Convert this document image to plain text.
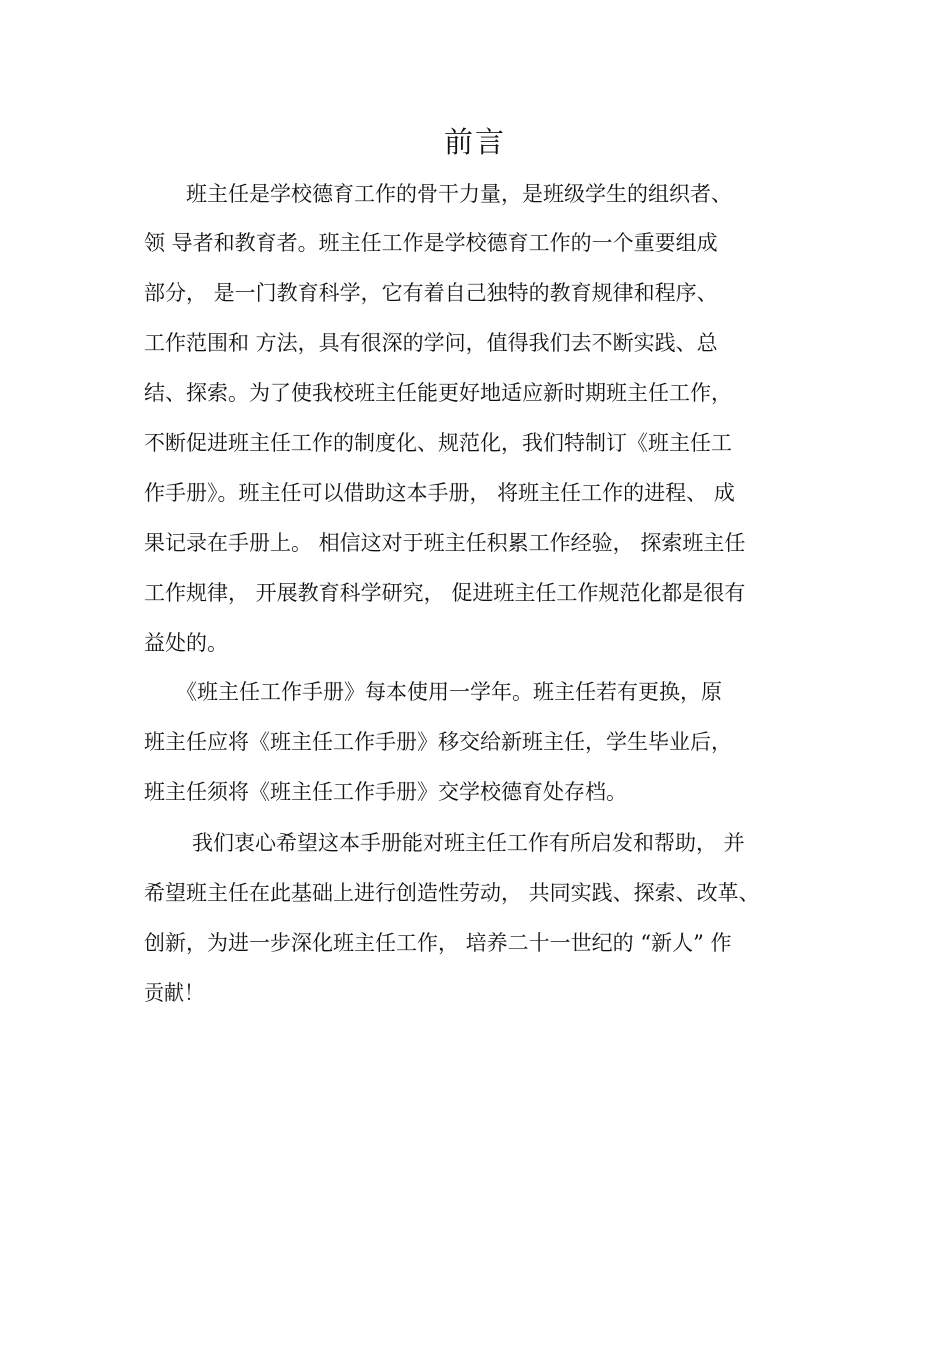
前言
班主任是学校德育工作的骨干力量，是班级学生的组织者、
领 导者和教育者。班主任工作是学校德育工作的一个重要组成
部分， 是一门教育科学，它有着自己独特的教育规律和程序、
工作范围和 方法，具有很深的学问，值得我们去不断实践、总
结、探索。为了使我校班主任能更好地适应新时期班主任工作，
不断促进班主任工作的制度化、规范化，我们特制订《班主任工
作手册》。班主任可以借助这本手册， 将班主任工作的进程、 成
果记录在手册上。 相信这对于班主任积累工作经验， 探索班主任
工作规律， 开展教育科学研究， 促进班主任工作规范化都是很有
益处的。
《班主任工作手册》每本使用一学年。班主任若有更换，原
班主任应将《班主任工作手册》移交给新班主任，学生毕业后，
班主任须将《班主任工作手册》交学校德育处存档。
我们衷心希望这本手册能对班主任工作有所启发和帮助， 并
希望班主任在此基础上进行创造性劳动， 共同实践、探索、改革、
创新，为进一步深化班主任工作， 培养二十一世纪的 “新人” 作
贡献！
